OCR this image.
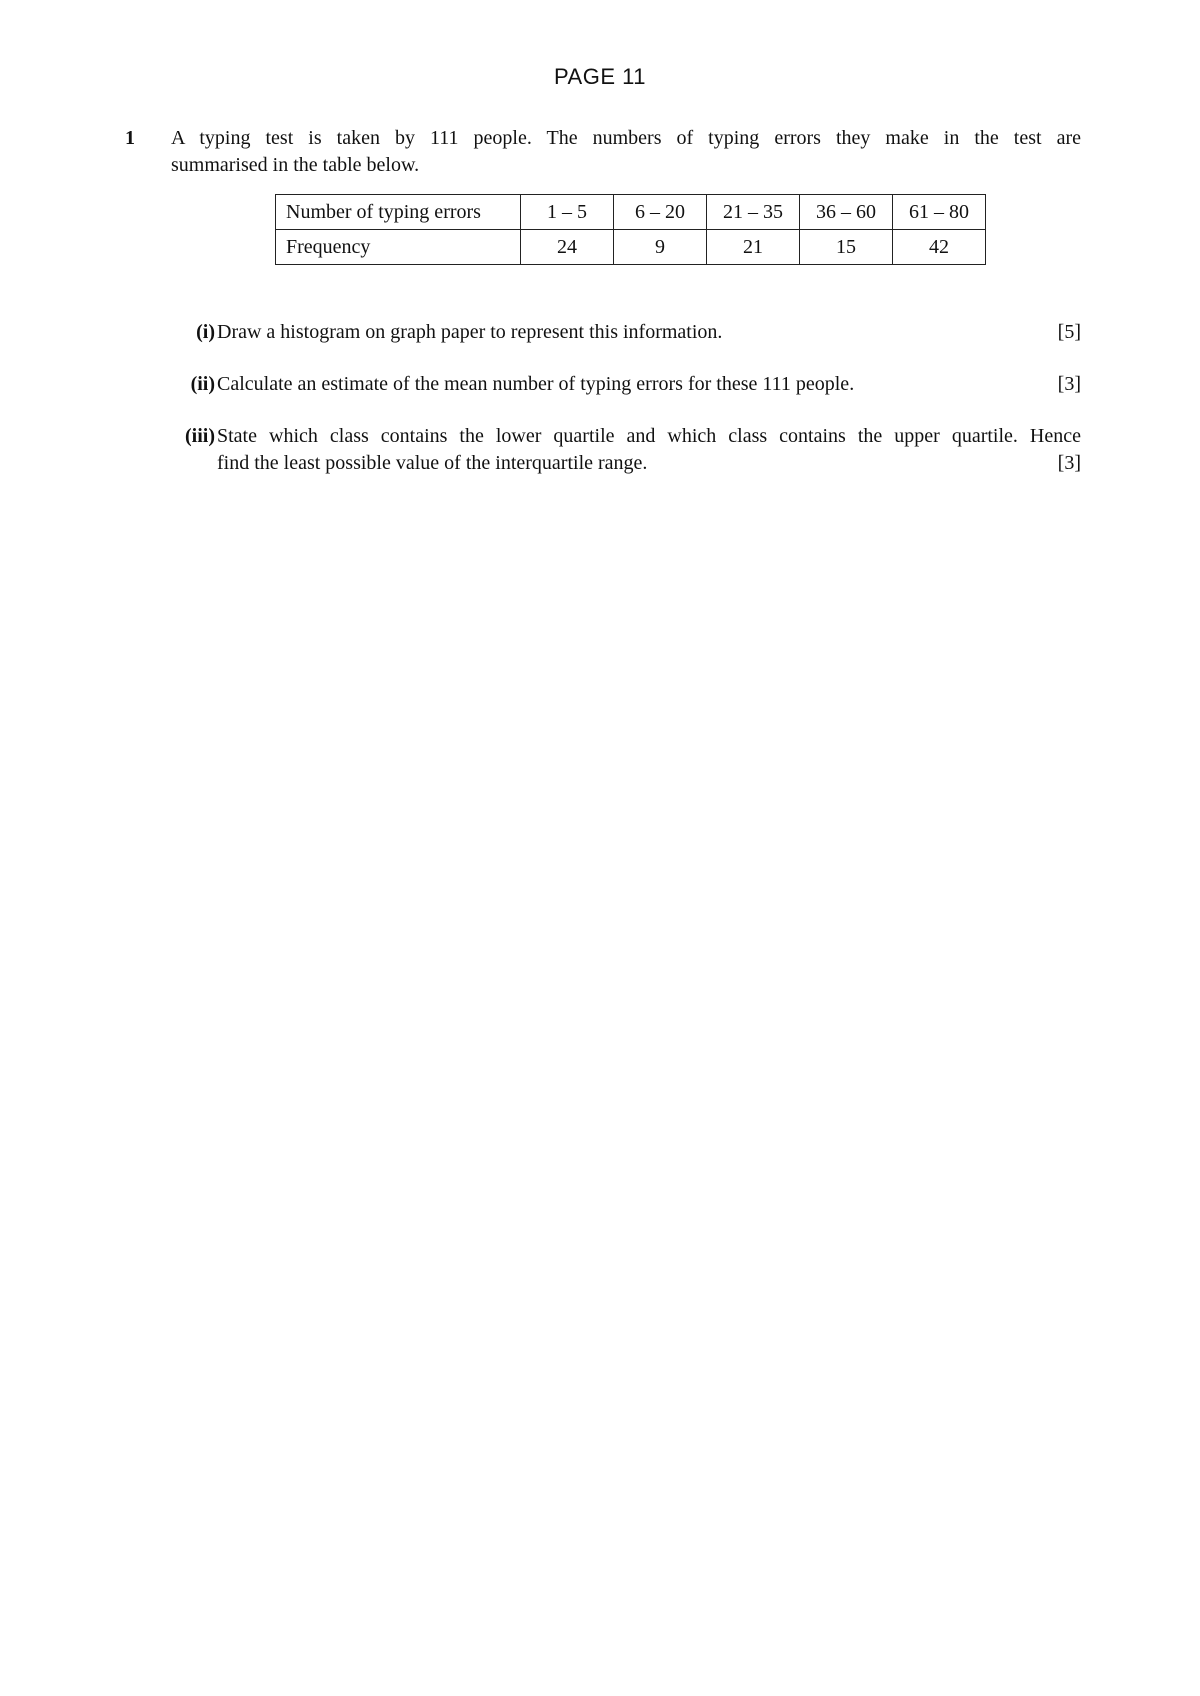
PAGE 11
1 A typing test is taken by 111 people. The numbers of typing errors they make in the test are
summarised in the table below.
Number of typing errors	1 – 5	6 – 20	21 – 35	36 – 60	61 – 80
Frequency	24	9	21	15	42
(i) Draw a histogram on graph paper to represent this information.	[5]
(ii) Calculate an estimate of the mean number of typing errors for these 111 people.	[3]
(iii) State which class contains the lower quartile and which class contains the upper quartile. Hence
find the least possible value of the interquartile range.	[3]
